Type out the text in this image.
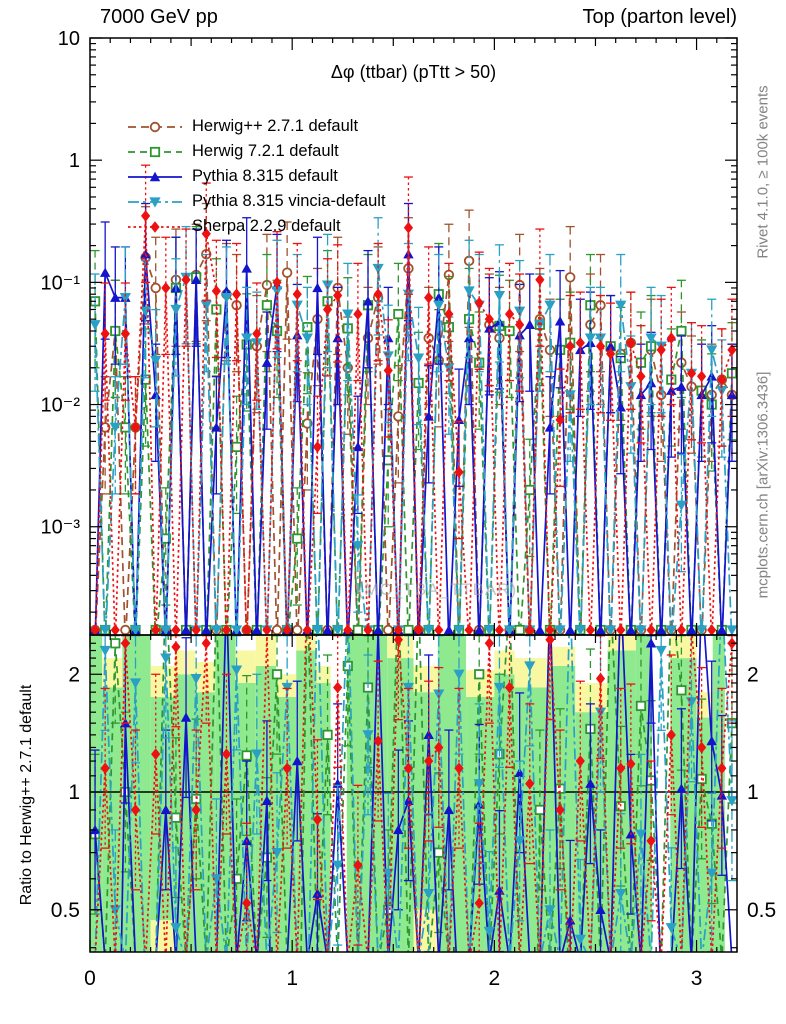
0	1	2	3
10
1
10⁻¹
10⁻²
10⁻³
2	2
1	1
0.5	0.5
7000 GeV pp	Top (parton level)
Δφ (ttbar) (pTtt > 50)
Herwig++ 2.7.1 default
Herwig 7.2.1 default
Pythia 8.315 default
Pythia 8.315 vincia-default
Sherpa 2.2.9 default
(MC_TBA_TTBAR)
Rivet 4.1.0, ≥ 100k events
mcplots.cern.ch [arXiv:1306.3436]
Ratio to Herwig++ 2.7.1 default
